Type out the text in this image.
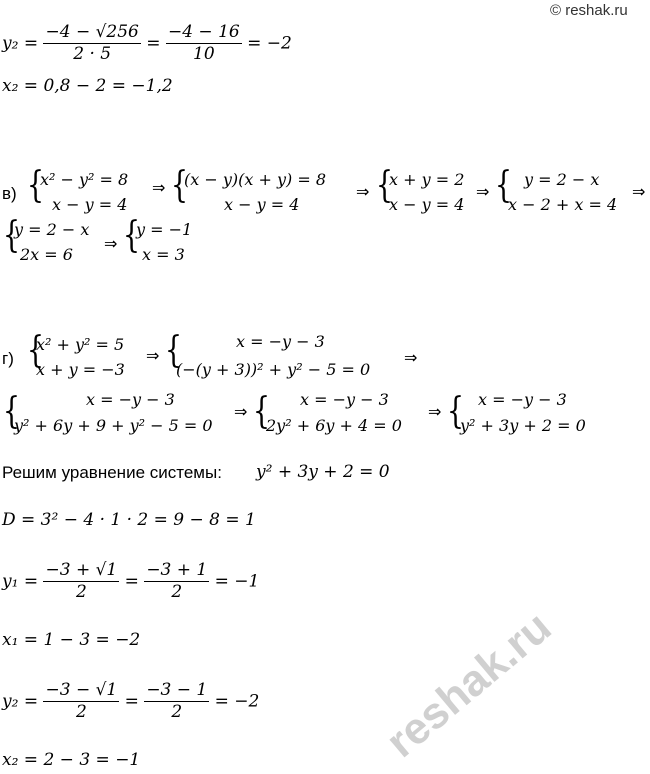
© reshak.ru
reshak.ru
$y_2 = \frac{-4 - √256}{2 \cdot 5} = \frac{-4 - 16}{10} = -2$
x₂ = 0,8 − 2 = −1,2
в) {
x² − y² = 8
x − y = 4
⇒ {
(x − y)(x + y) = 8
x − y = 4
⇒ {
x + y = 2
x − y = 4
⇒ { y = 2 − x
x − 2 + x = 4
⇒
{
y = 2 − x
2x = 6
⇒ {
y = −1
x = 3
г) {
x² + y² = 5
x + y = −3
⇒ {	x = −y − 3
(−(y + 3))² + y² − 5 = 0
⇒
{	x = −y − 3
y² + 6y + 9 + y² − 5 = 0
⇒ { x = −y − 3
2y² + 6y + 4 = 0
⇒ { x = −y − 3
y² + 3y + 2 = 0
Решим уравнение системы: y² + 3y + 2 = 0
D = 3² − 4 · 1 · 2 = 9 − 8 = 1
$y_1 = \frac{-3 + √1}{2} = \frac{-3 + 1}{2} = -1$
x₁ = 1 − 3 = −2
$y_2 = \frac{-3 - √1}{2} = \frac{-3 - 1}{2} = -2$
x₂ = 2 − 3 = −1
